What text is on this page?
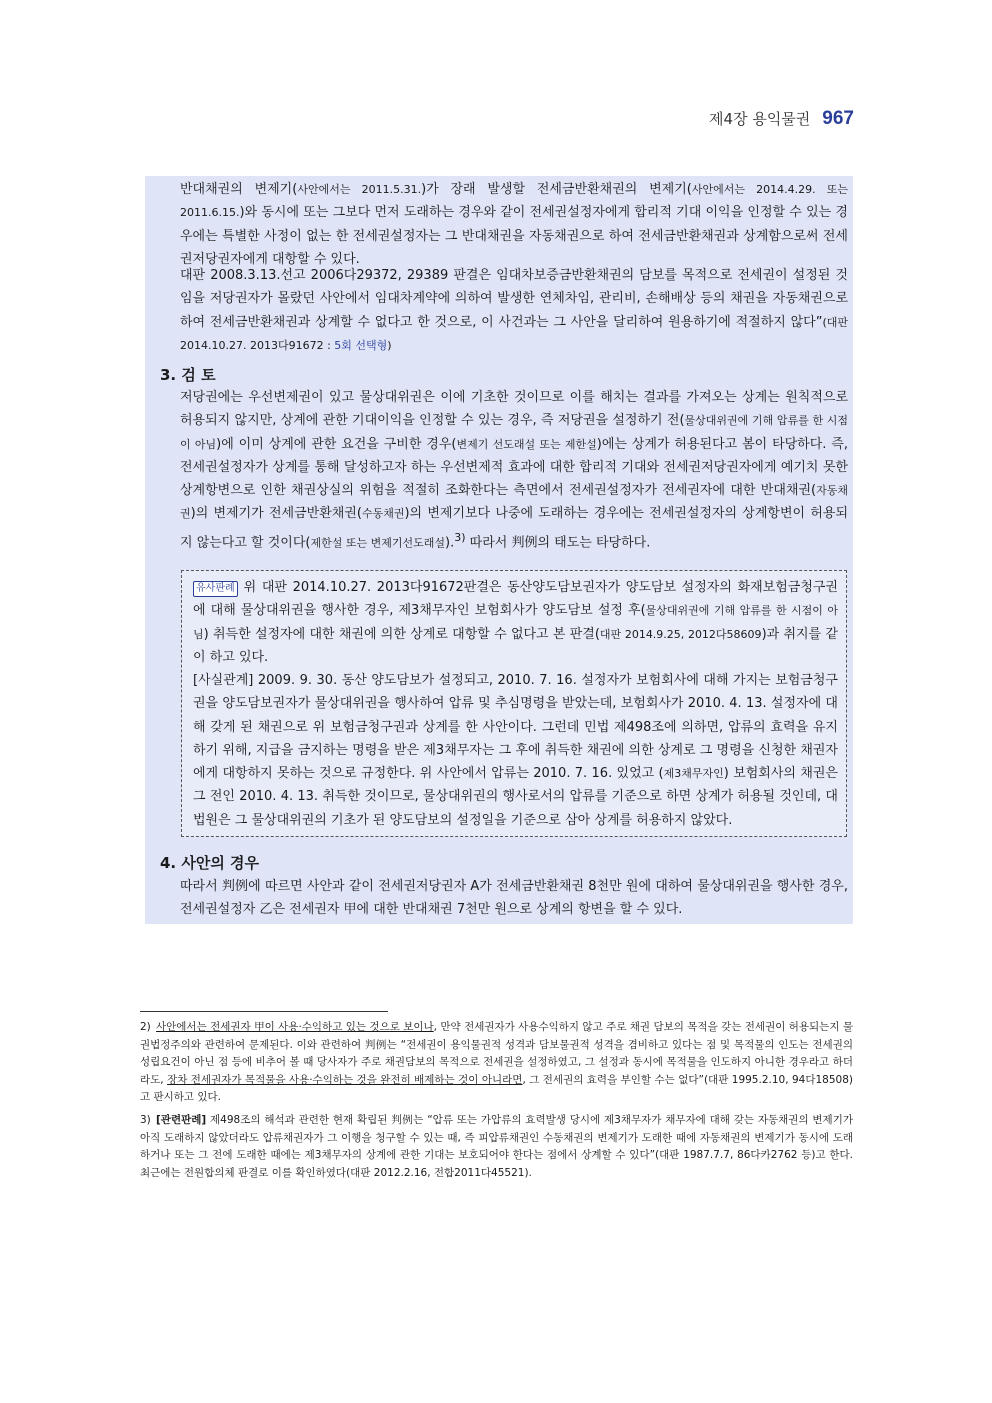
제4장 용익물권 967

반대채권의 변제기(사안에서는 2011.5.31.)가 장래 발생할 전세금반환채권의 변제기(사안에서는 2014.4.29. 또는 2011.6.15.)와 동시에 또는 그보다 먼저 도래하는 경우와 같이 전세권설정자에게 합리적 기대 이익을 인정할 수 있는 경우에는 특별한 사정이 없는 한 전세권설정자는 그 반대채권을 자동채권으로 하여 전세금반환채권과 상계함으로써 전세권저당권자에게 대항할 수 있다.

대판 2008.3.13.선고 2006다29372, 29389 판결은 임대차보증금반환채권의 담보를 목적으로 전세권이 설정된 것임을 저당권자가 몰랐던 사안에서 임대차계약에 의하여 발생한 연체차임, 관리비, 손해배상 등의 채권을 자동채권으로 하여 전세금반환채권과 상계할 수 없다고 한 것으로, 이 사건과는 그 사안을 달리하여 원용하기에 적절하지 않다”(대판 2014.10.27. 2013다91672 : 5회 선택형)

3. 검 토

저당권에는 우선변제권이 있고 물상대위권은 이에 기초한 것이므로 이를 해치는 결과를 가져오는 상계는 원칙적으로 허용되지 않지만, 상계에 관한 기대이익을 인정할 수 있는 경우, 즉 저당권을 설정하기 전(물상대위권에 기해 압류를 한 시점이 아님)에 이미 상계에 관한 요건을 구비한 경우(변제기 선도래설 또는 제한설)에는 상계가 허용된다고 봄이 타당하다. 즉, 전세권설정자가 상계를 통해 달성하고자 하는 우선변제적 효과에 대한 합리적 기대와 전세권저당권자에게 예기치 못한 상계항변으로 인한 채권상실의 위험을 적절히 조화한다는 측면에서 전세권설정자가 전세권자에 대한 반대채권(자동채권)의 변제기가 전세금반환채권(수동채권)의 변제기보다 나중에 도래하는 경우에는 전세권설정자의 상계항변이 허용되지 않는다고 할 것이다(제한설 또는 변제기선도래설).$^{3)}$ 따라서 判例의 태도는 타당하다.

유사판례 위 대판 2014.10.27. 2013다91672판결은 동산양도담보권자가 양도담보 설정자의 화재보험금청구권에 대해 물상대위권을 행사한 경우, 제3채무자인 보험회사가 양도담보 설정 후(물상대위권에 기해 압류를 한 시점이 아님) 취득한 설정자에 대한 채권에 의한 상계로 대항할 수 없다고 본 판결(대판 2014.9.25, 2012다58609)과 취지를 같이 하고 있다.

[사실관계] 2009. 9. 30. 동산 양도담보가 설정되고, 2010. 7. 16. 설정자가 보험회사에 대해 가지는 보험금청구권을 양도담보권자가 물상대위권을 행사하여 압류 및 추심명령을 받았는데, 보험회사가 2010. 4. 13. 설정자에 대해 갖게 된 채권으로 위 보험금청구권과 상계를 한 사안이다. 그런데 민법 제498조에 의하면, 압류의 효력을 유지하기 위해, 지급을 금지하는 명령을 받은 제3채무자는 그 후에 취득한 채권에 의한 상계로 그 명령을 신청한 채권자에게 대항하지 못하는 것으로 규정한다. 위 사안에서 압류는 2010. 7. 16. 있었고 (제3채무자인) 보험회사의 채권은 그 전인 2010. 4. 13. 취득한 것이므로, 물상대위권의 행사로서의 압류를 기준으로 하면 상계가 허용될 것인데, 대법원은 그 물상대위권의 기초가 된 양도담보의 설정일을 기준으로 삼아 상계를 허용하지 않았다.

4. 사안의 경우

따라서 判例에 따르면 사안과 같이 전세권저당권자 A가 전세금반환채권 8천만 원에 대하여 물상대위권을 행사한 경우, 전세권설정자 乙은 전세권자 甲에 대한 반대채권 7천만 원으로 상계의 항변을 할 수 있다.

2) 사안에서는 전세권자 甲이 사용·수익하고 있는 것으로 보이나, 만약 전세권자가 사용수익하지 않고 주로 채권 담보의 목적을 갖는 전세권이 허용되는지 물권법정주의와 관련하여 문제된다. 이와 관련하여 判例는 “전세권이 용익물권적 성격과 담보물권적 성격을 겸비하고 있다는 점 및 목적물의 인도는 전세권의 성립요건이 아닌 점 등에 비추어 볼 때 당사자가 주로 채권담보의 목적으로 전세권을 설정하였고, 그 설정과 동시에 목적물을 인도하지 아니한 경우라고 하더라도, 장차 전세권자가 목적물을 사용·수익하는 것을 완전히 배제하는 것이 아니라면, 그 전세권의 효력을 부인할 수는 없다”(대판 1995.2.10, 94다18508)고 판시하고 있다.

3) [관련판례] 제498조의 해석과 관련한 현재 확립된 判例는 “압류 또는 가압류의 효력발생 당시에 제3채무자가 채무자에 대해 갖는 자동채권의 변제기가 아직 도래하지 않았더라도 압류채권자가 그 이행을 청구할 수 있는 때, 즉 피압류채권인 수동채권의 변제기가 도래한 때에 자동채권의 변제기가 동시에 도래하거나 또는 그 전에 도래한 때에는 제3채무자의 상계에 관한 기대는 보호되어야 한다는 점에서 상계할 수 있다”(대판 1987.7.7, 86다카2762 등)고 한다. 최근에는 전원합의체 판결로 이를 확인하였다(대판 2012.2.16, 전합2011다45521).
